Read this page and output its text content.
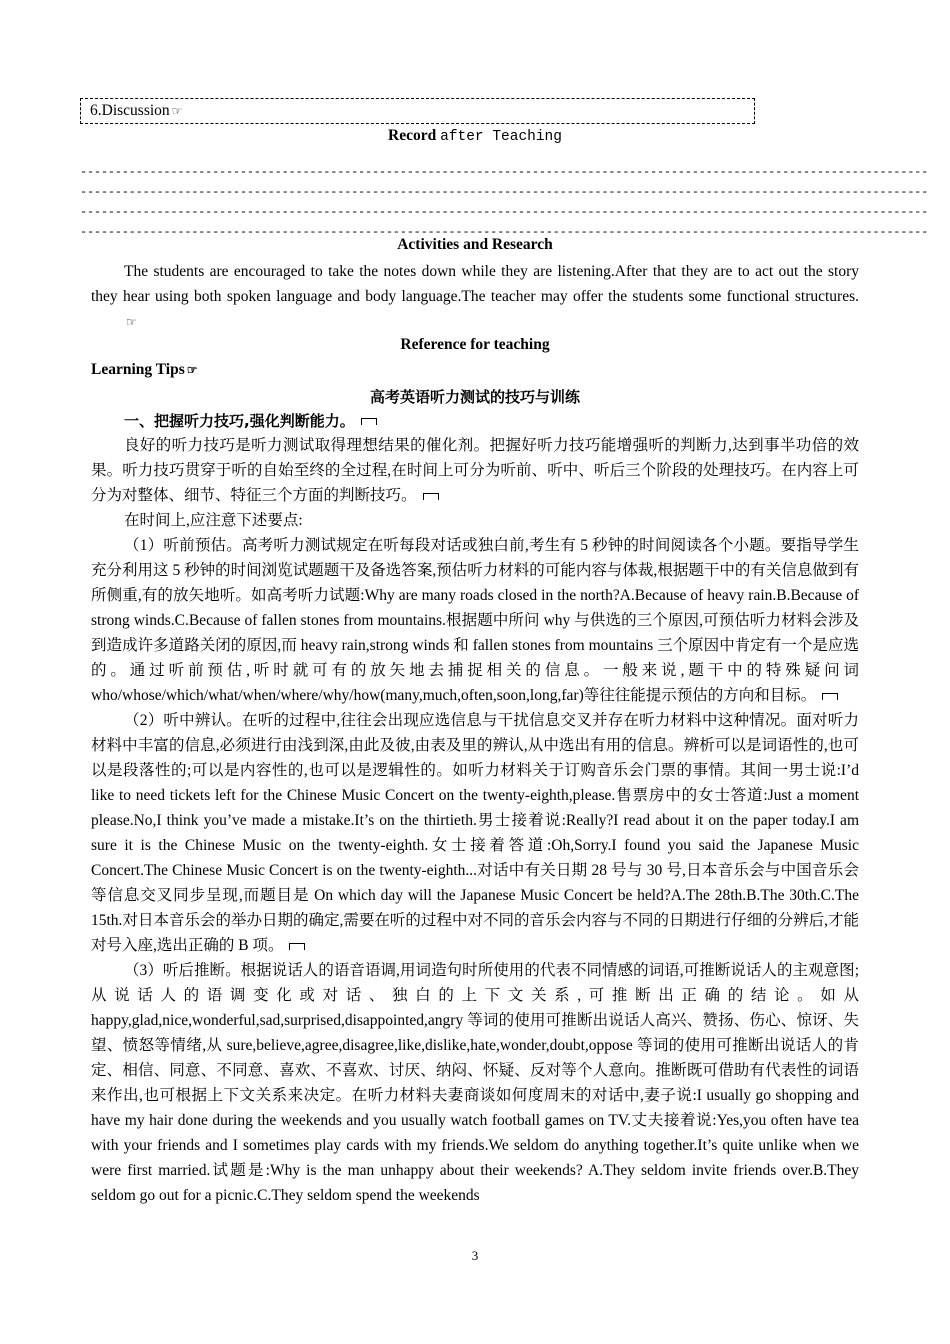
6.Discussion ☞
Record after Teaching
--------------------------------------------------------------------------------------------------------------------------
--------------------------------------------------------------------------------------------------------------------------
--------------------------------------------------------------------------------------------------------------------------
--------------------------------------------------------------------------------------------------------------------------
Activities and Research

The students are encouraged to take the notes down while they are listening.After that they are to act out the story they hear using both spoken language and body language.The teacher may offer the students some functional structures.☞

Reference for teaching
Learning Tips ☞
高考英语听力测试的技巧与训练
一、把握听力技巧,强化判断能力。

良好的听力技巧是听力测试取得理想结果的催化剂。把握好听力技巧能增强听的判断力,达到事半功倍的效果。听力技巧贯穿于听的自始至终的全过程,在时间上可分为听前、听中、听后三个阶段的处理技巧。在内容上可分为对整体、细节、特征三个方面的判断技巧。

在时间上,应注意下述要点:

（1）听前预估。高考听力测试规定在听每段对话或独白前,考生有 5 秒钟的时间阅读各个小题。要指导学生充分利用这 5 秒钟的时间浏览试题题干及备选答案,预估听力材料的可能内容与体裁,根据题干中的有关信息做到有所侧重,有的放矢地听。如高考听力试题:Why are many roads closed in the north?A.Because of heavy rain.B.Because of strong winds.C.Because of fallen stones from mountains.根据题中所问 why 与供选的三个原因,可预估听力材料会涉及到造成许多道路关闭的原因,而 heavy rain,strong winds 和 fallen stones from mountains 三个原因中肯定有一个是应选的。通过听前预估,听时就可有的放矢地去捕捉相关的信息。一般来说,题干中的特殊疑问词 who/whose/which/what/when/where/why/how(many,much,often,soon,long,far)等往往能提示预估的方向和目标。

（2）听中辨认。在听的过程中,往往会出现应选信息与干扰信息交叉并存在听力材料中这种情况。面对听力材料中丰富的信息,必须进行由浅到深,由此及彼,由表及里的辨认,从中选出有用的信息。辨析可以是词语性的,也可以是段落性的;可以是内容性的,也可以是逻辑性的。如听力材料关于订购音乐会门票的事情。其间一男士说:I’d like to need tickets left for the Chinese Music Concert on the twenty-eighth,please.售票房中的女士答道:Just a moment please.No,I think you’ve made a mistake.It’s on the thirtieth.男士接着说:Really?I read about it on the paper today.I am sure it is the Chinese Music on the twenty-eighth.女士接着答道:Oh,Sorry.I found you said the Japanese Music Concert.The Chinese Music Concert is on the twenty-eighth...对话中有关日期 28 号与 30 号,日本音乐会与中国音乐会等信息交叉同步呈现,而题目是 On which day will the Japanese Music Concert be held?A.The 28th.B.The 30th.C.The 15th.对日本音乐会的举办日期的确定,需要在听的过程中对不同的音乐会内容与不同的日期进行仔细的分辨后,才能对号入座,选出正确的 B 项。

（3）听后推断。根据说话人的语音语调,用词造句时所使用的代表不同情感的词语,可推断说话人的主观意图;从说话人的语调变化或对话、独白的上下文关系,可推断出正确的结论。如从 happy,glad,nice,wonderful,sad,surprised,disappointed,angry 等词的使用可推断出说话人高兴、赞扬、伤心、惊讶、失望、愤怒等情绪,从 sure,believe,agree,disagree,like,dislike,hate,wonder,doubt,oppose 等词的使用可推断出说话人的肯定、相信、同意、不同意、喜欢、不喜欢、讨厌、纳闷、怀疑、反对等个人意向。推断既可借助有代表性的词语来作出,也可根据上下文关系来决定。在听力材料夫妻商谈如何度周末的对话中,妻子说:I usually go shopping and have my hair done during the weekends and you usually watch football games on TV.丈夫接着说:Yes,you often have tea with your friends and I sometimes play cards with my friends.We seldom do anything together.It’s quite unlike when we were first married.试题是:Why is the man unhappy about their weekends? A.They seldom invite friends over.B.They seldom go out for a picnic.C.They seldom spend the weekends

3
